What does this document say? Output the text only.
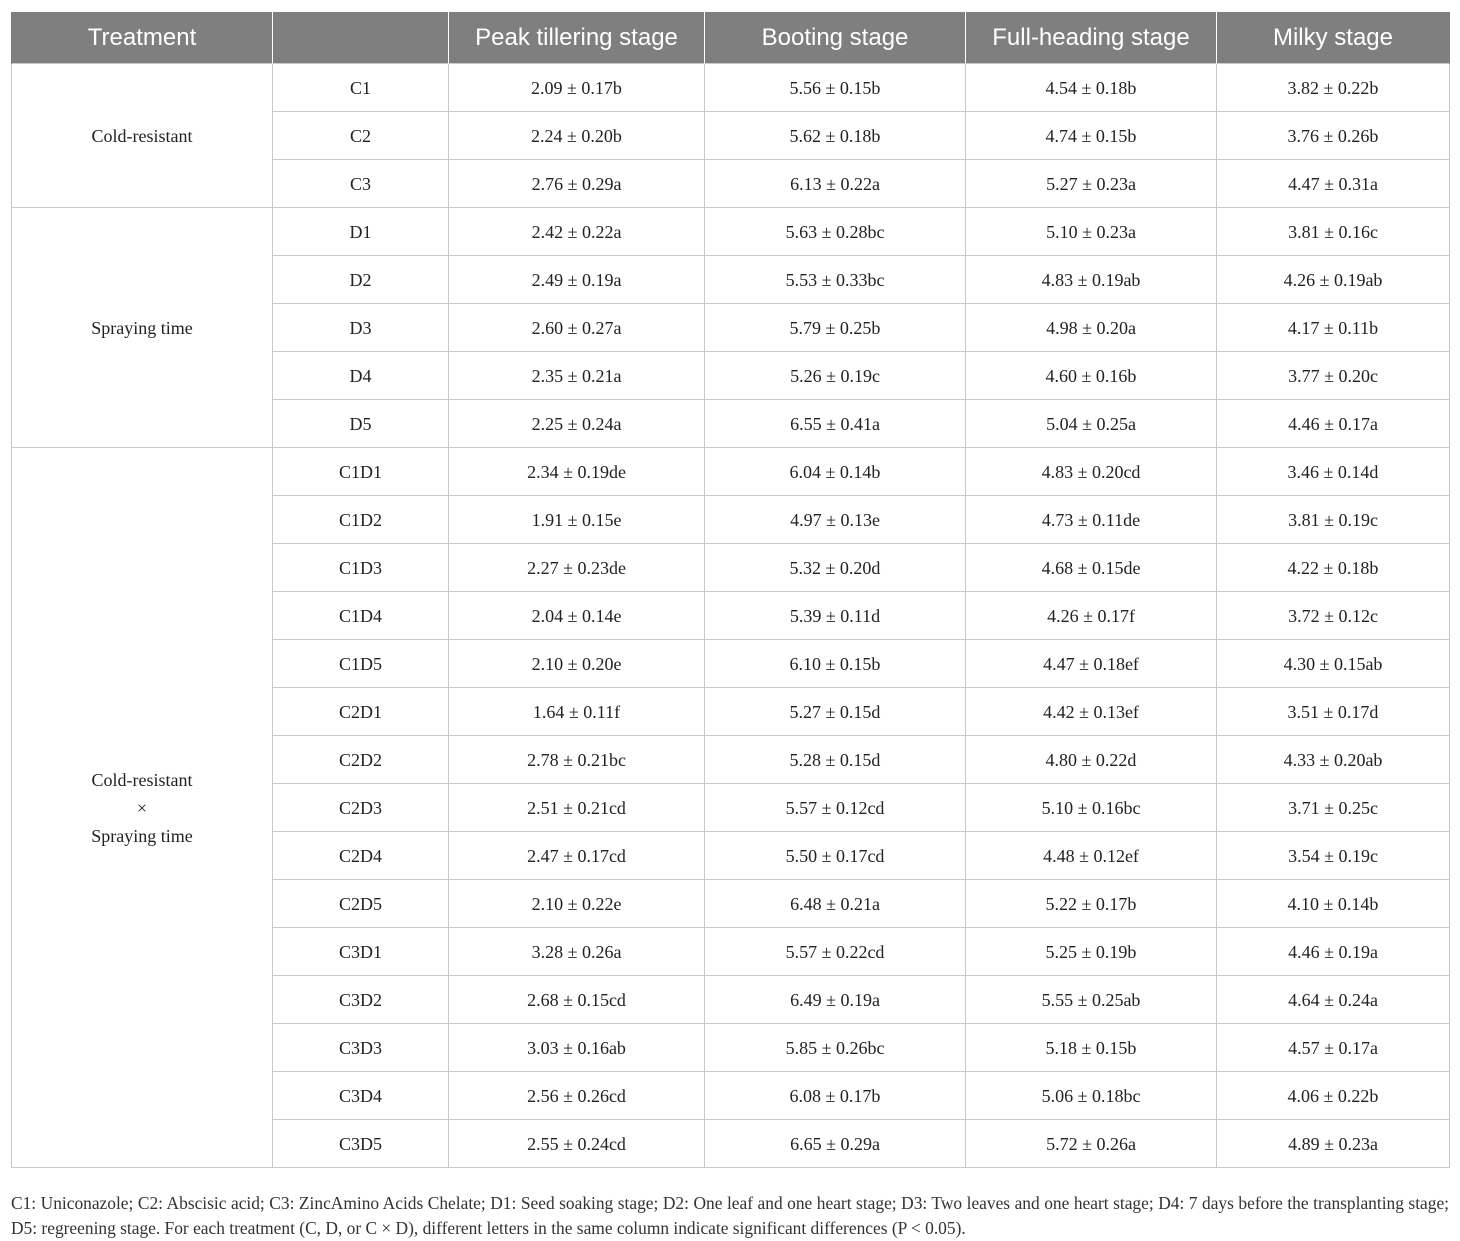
Treatment		Peak tillering stage	Booting stage	Full-heading stage	Milky stage

Cold-resistant	C1	2.09 ± 0.17b	5.56 ± 0.15b	4.54 ± 0.18b	3.82 ± 0.22b
	C2	2.24 ± 0.20b	5.62 ± 0.18b	4.74 ± 0.15b	3.76 ± 0.26b
	C3	2.76 ± 0.29a	6.13 ± 0.22a	5.27 ± 0.23a	4.47 ± 0.31a

Spraying time	D1	2.42 ± 0.22a	5.63 ± 0.28bc	5.10 ± 0.23a	3.81 ± 0.16c
	D2	2.49 ± 0.19a	5.53 ± 0.33bc	4.83 ± 0.19ab	4.26 ± 0.19ab
	D3	2.60 ± 0.27a	5.79 ± 0.25b	4.98 ± 0.20a	4.17 ± 0.11b
	D4	2.35 ± 0.21a	5.26 ± 0.19c	4.60 ± 0.16b	3.77 ± 0.20c
	D5	2.25 ± 0.24a	6.55 ± 0.41a	5.04 ± 0.25a	4.46 ± 0.17a

Cold-resistant
×
Spraying time	C1D1	2.34 ± 0.19de	6.04 ± 0.14b	4.83 ± 0.20cd	3.46 ± 0.14d
	C1D2	1.91 ± 0.15e	4.97 ± 0.13e	4.73 ± 0.11de	3.81 ± 0.19c
	C1D3	2.27 ± 0.23de	5.32 ± 0.20d	4.68 ± 0.15de	4.22 ± 0.18b
	C1D4	2.04 ± 0.14e	5.39 ± 0.11d	4.26 ± 0.17f	3.72 ± 0.12c
	C1D5	2.10 ± 0.20e	6.10 ± 0.15b	4.47 ± 0.18ef	4.30 ± 0.15ab
	C2D1	1.64 ± 0.11f	5.27 ± 0.15d	4.42 ± 0.13ef	3.51 ± 0.17d
	C2D2	2.78 ± 0.21bc	5.28 ± 0.15d	4.80 ± 0.22d	4.33 ± 0.20ab
	C2D3	2.51 ± 0.21cd	5.57 ± 0.12cd	5.10 ± 0.16bc	3.71 ± 0.25c
	C2D4	2.47 ± 0.17cd	5.50 ± 0.17cd	4.48 ± 0.12ef	3.54 ± 0.19c
	C2D5	2.10 ± 0.22e	6.48 ± 0.21a	5.22 ± 0.17b	4.10 ± 0.14b
	C3D1	3.28 ± 0.26a	5.57 ± 0.22cd	5.25 ± 0.19b	4.46 ± 0.19a
	C3D2	2.68 ± 0.15cd	6.49 ± 0.19a	5.55 ± 0.25ab	4.64 ± 0.24a
	C3D3	3.03 ± 0.16ab	5.85 ± 0.26bc	5.18 ± 0.15b	4.57 ± 0.17a
	C3D4	2.56 ± 0.26cd	6.08 ± 0.17b	5.06 ± 0.18bc	4.06 ± 0.22b
	C3D5	2.55 ± 0.24cd	6.65 ± 0.29a	5.72 ± 0.26a	4.89 ± 0.23a

C1: Uniconazole; C2: Abscisic acid; C3: ZincAmino Acids Chelate; D1: Seed soaking stage; D2: One leaf and one heart stage; D3: Two leaves and one heart stage; D4: 7 days before the transplanting stage; D5: regreening stage. For each treatment (C, D, or C × D), different letters in the same column indicate significant differences (P < 0.05).
